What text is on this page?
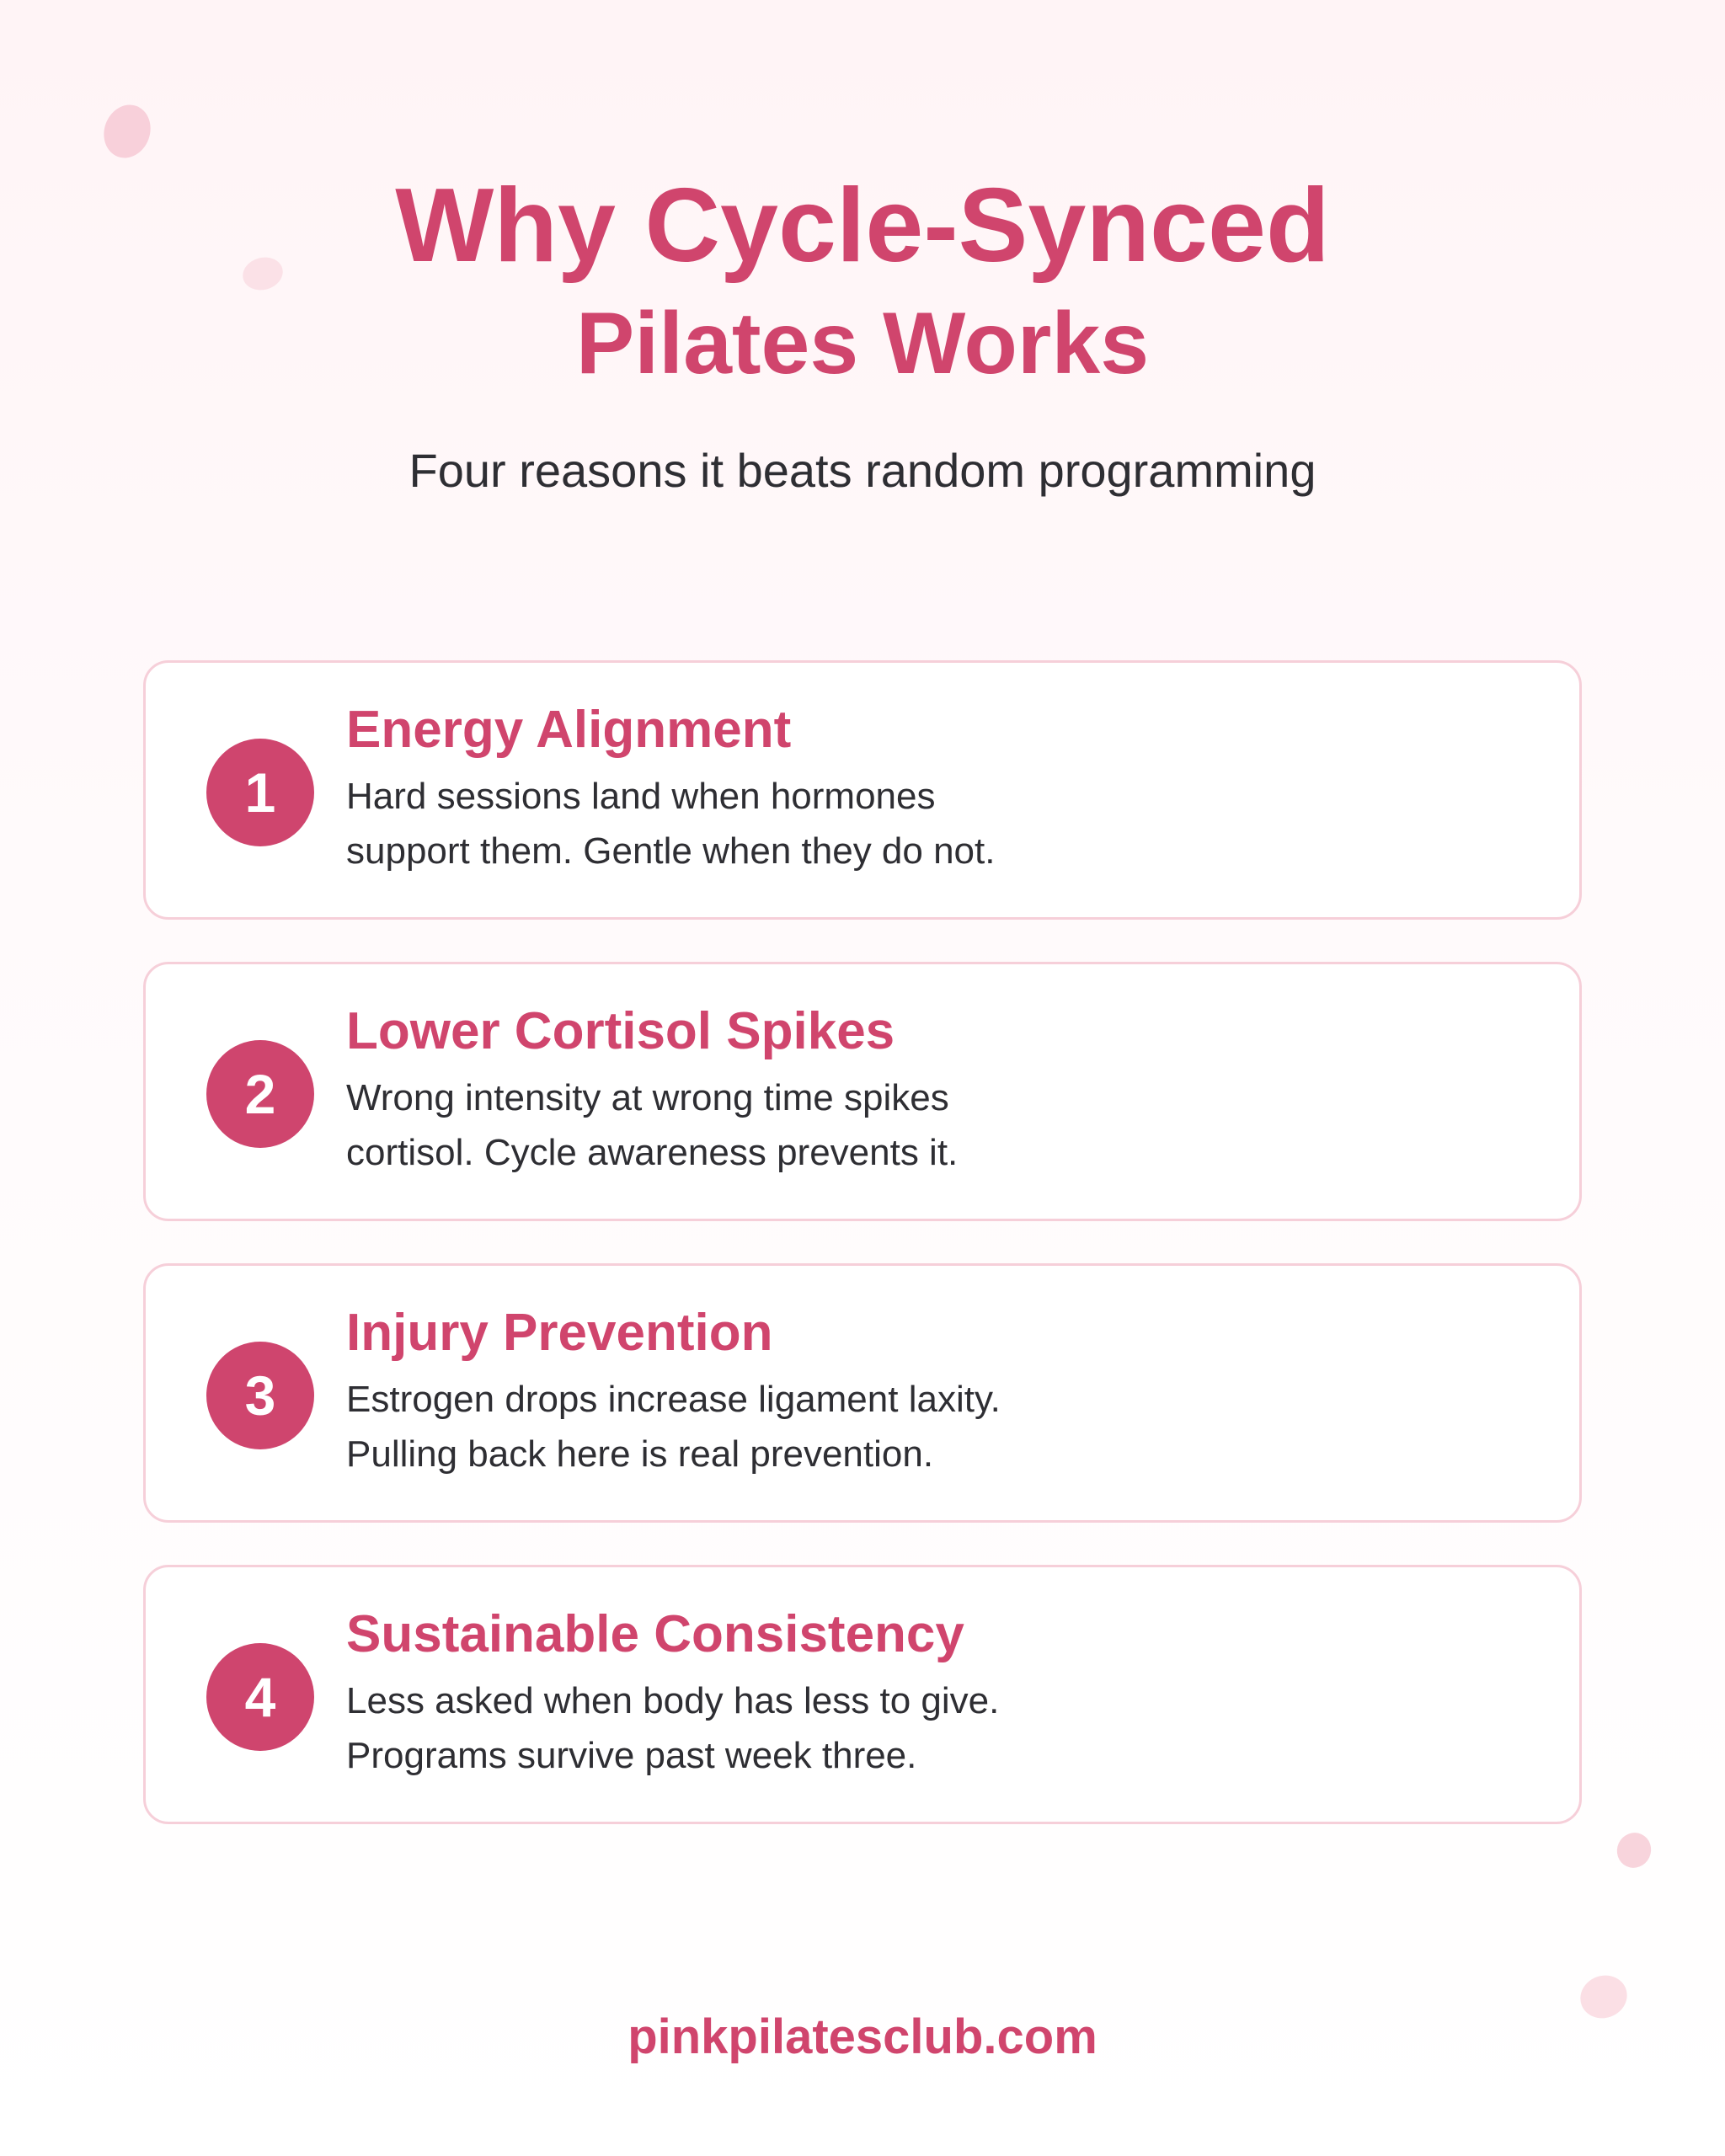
Why Cycle-Synced
Pilates Works
Four reasons it beats random programming
1
Energy Alignment
Hard sessions land when hormones
support them. Gentle when they do not.
2
Lower Cortisol Spikes
Wrong intensity at wrong time spikes
cortisol. Cycle awareness prevents it.
3
Injury Prevention
Estrogen drops increase ligament laxity.
Pulling back here is real prevention.
4
Sustainable Consistency
Less asked when body has less to give.
Programs survive past week three.
pinkpilatesclub.com
